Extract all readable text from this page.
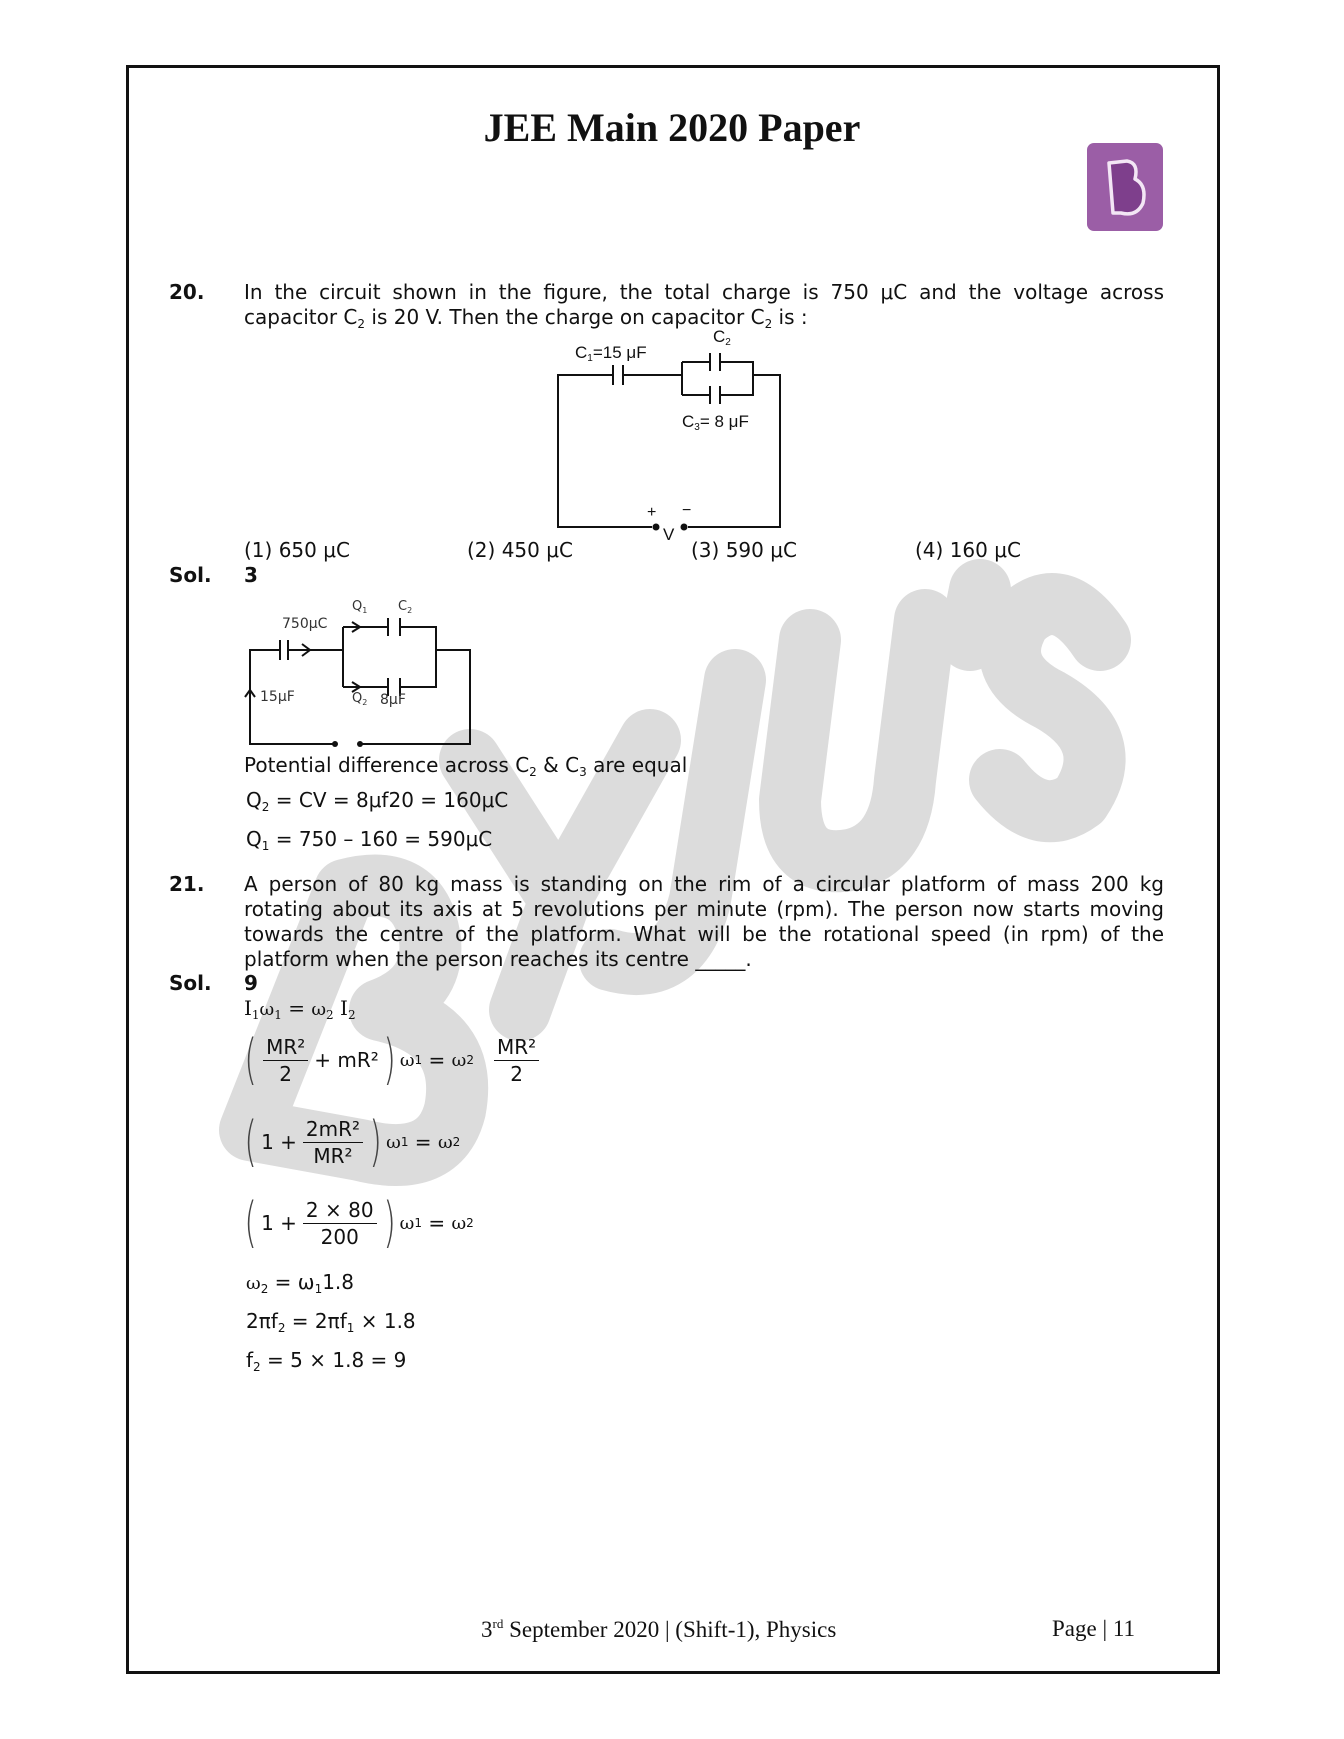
JEE Main 2020 Paper
20. In the circuit shown in the figure, the total charge is 750 μC and the voltage across
capacitor $C_2$ is 20 V. Then the charge on capacitor $C_2$ is :
C1=15 μF
C2
C3= 8 μF
+ −
V
(1) 650 μC	(2) 450 μC	(3) 590 μC	(4) 160 μC
Sol. 3
$Q_1$ $C_2$
750μC
15μF	$Q_2$ 8μF
Potential difference across $C_2$ & $C_3$ are equal
$Q_2$ = CV = 8μf20 = 160μC
$Q_1 = 750 - 160 = 590\mu C$
21. A person of 80 kg mass is standing on the rim of a circular platform of mass 200 kg rotating about its axis at 5 revolutions per minute (rpm). The person now starts moving towards the centre of the platform. What will be the rotational speed (in rpm) of the platform when the person reaches its centre _____.
Sol. 9
$I_1\omega_1 = \omega_2$ $I_2$
( $\frac{\text{MR²}}{2} + mR^2$ ) ω 1 = ω $2 \frac{\text{MR²}}{2}$
( $1 + \frac{\text{2mR²}}{\text{MR²}}$ ) ω 1 = ω 2
( $1 + \frac{2 \times 80}{200}$ ) ω 1 = ω 2
$\omega_2 = \omega_11.8$
$2\pi f_2 = 2\pi f_1 \times 1.8$
$f_2 = 5 \times 1.8 = 9$
3rd September 2020 | (Shift-1), Physics	Page | 11
